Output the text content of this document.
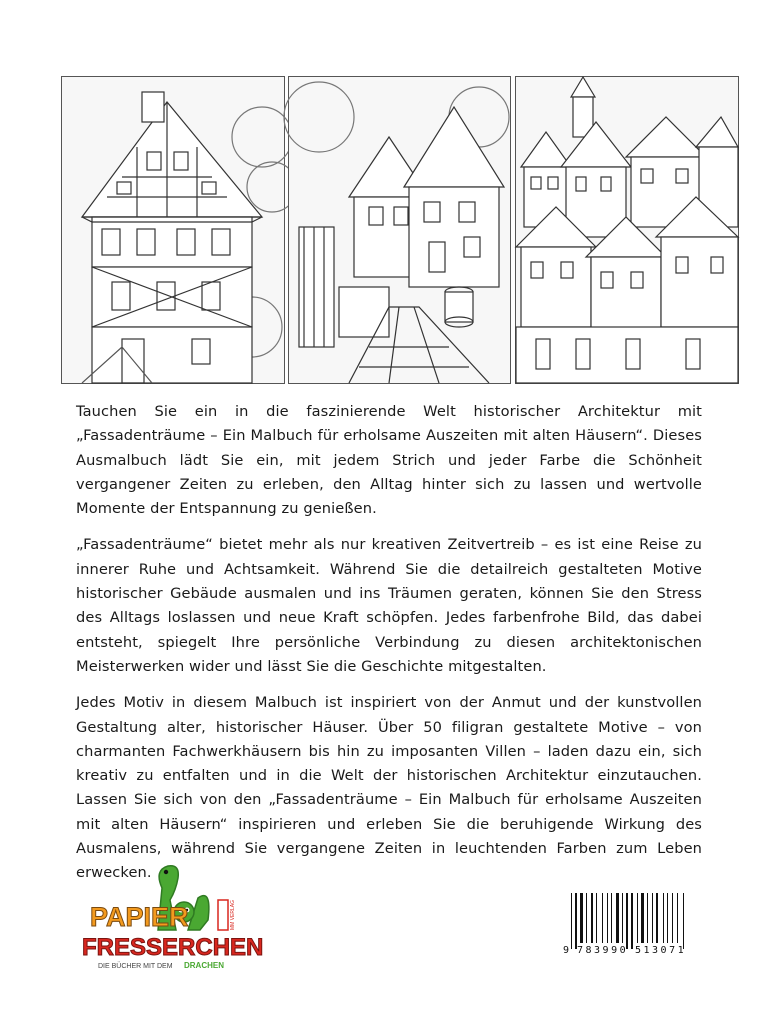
Tauchen Sie ein in die faszinierende Welt historischer Architektur mit „Fassadenträume – Ein Malbuch für erholsame Auszeiten mit alten Häusern“. Dieses Ausmalbuch lädt Sie ein, mit jedem Strich und jeder Farbe die Schönheit vergangener Zeiten zu erleben, den Alltag hinter sich zu lassen und wertvolle Momente der Entspannung zu genießen.

„Fassadenträume“ bietet mehr als nur kreativen Zeitvertreib – es ist eine Reise zu innerer Ruhe und Achtsamkeit. Während Sie die detailreich gestalteten Motive historischer Gebäude ausmalen und ins Träumen geraten, können Sie den Stress des Alltags loslassen und neue Kraft schöpfen. Jedes farbenfrohe Bild, das dabei entsteht, spiegelt Ihre persönliche Verbindung zu diesen architektonischen Meisterwerken wider und lässt Sie die Geschichte mitgestalten.

Jedes Motiv in diesem Malbuch ist inspiriert von der Anmut und der kunstvollen Gestaltung alter, historischer Häuser. Über 50 filigran gestaltete Motive – von charmanten Fachwerkhäusern bis hin zu imposanten Villen – laden dazu ein, sich kreativ zu entfalten und in die Welt der historischen Architektur einzutauchen. Lassen Sie sich von den „Fassadenträume – Ein Malbuch für erholsame Auszeiten mit alten Häusern“ inspirieren und erleben Sie die beruhigende Wirkung des Ausmalens, während Sie vergangene Zeiten in leuchtenden Farben zum Leben erwecken.

MM VERLAG
PAPIER
FRESSERCHEN
DIE BÜCHER MIT DEM DRACHEN
9 783990 513071
